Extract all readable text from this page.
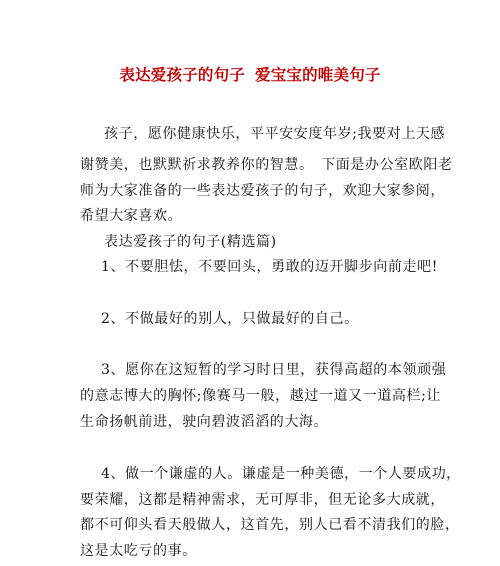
表达爱孩子的句子 爱宝宝的唯美句子
孩子，愿你健康快乐，平平安安度年岁;我要对上天感
谢赞美，也默默祈求教养你的智慧。　下面是办公室欧阳老
师为大家准备的一些表达爱孩子的句子，欢迎大家参阅，
希望大家喜欢。
表达爱孩子的句子(精选篇)
1、不要胆怯，不要回头，勇敢的迈开脚步向前走吧!
2、不做最好的别人，只做最好的自己。
3、愿你在这短暂的学习时日里，获得高超的本领顽强
的意志博大的胸怀;像赛马一般，越过一道又一道高栏;让
生命扬帆前进，驶向碧波滔滔的大海。
4、做一个谦虚的人。谦虚是一种美德，一个人要成功，
要荣耀，这都是精神需求，无可厚非，但无论多大成就，
都不可仰头看天般做人，这首先，别人已看不清我们的脸，
这是太吃亏的事。
